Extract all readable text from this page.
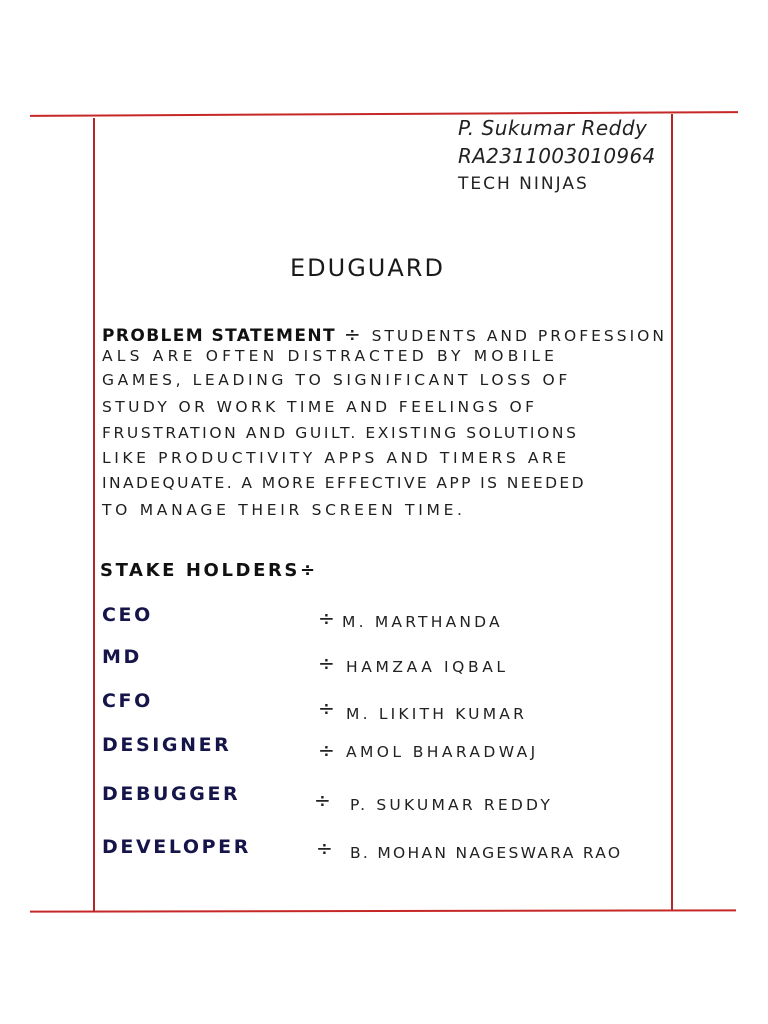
P. Sukumar Reddy
RA2311003010964
TECH NINJAS
EDUGUARD
PROBLEM STATEMENT ÷ STUDENTS AND PROFESSION
ALS ARE OFTEN DISTRACTED BY MOBILE
GAMES, LEADING TO SIGNIFICANT LOSS OF
STUDY OR WORK TIME AND FEELINGS OF
FRUSTRATION AND GUILT. EXISTING SOLUTIONS
LIKE PRODUCTIVITY APPS AND TIMERS ARE
INADEQUATE. A MORE EFFECTIVE APP IS NEEDED
TO MANAGE THEIR SCREEN TIME.
STAKE HOLDERS÷
CEO	÷ M. MARTHANDA
MD	÷ HAMZAA IQBAL
CFO	÷ M. LIKITH KUMAR
DESIGNER	÷ AMOL BHARADWAJ
DEBUGGER	÷ P. SUKUMAR REDDY
DEVELOPER	÷ B. MOHAN NAGESWARA RAO
